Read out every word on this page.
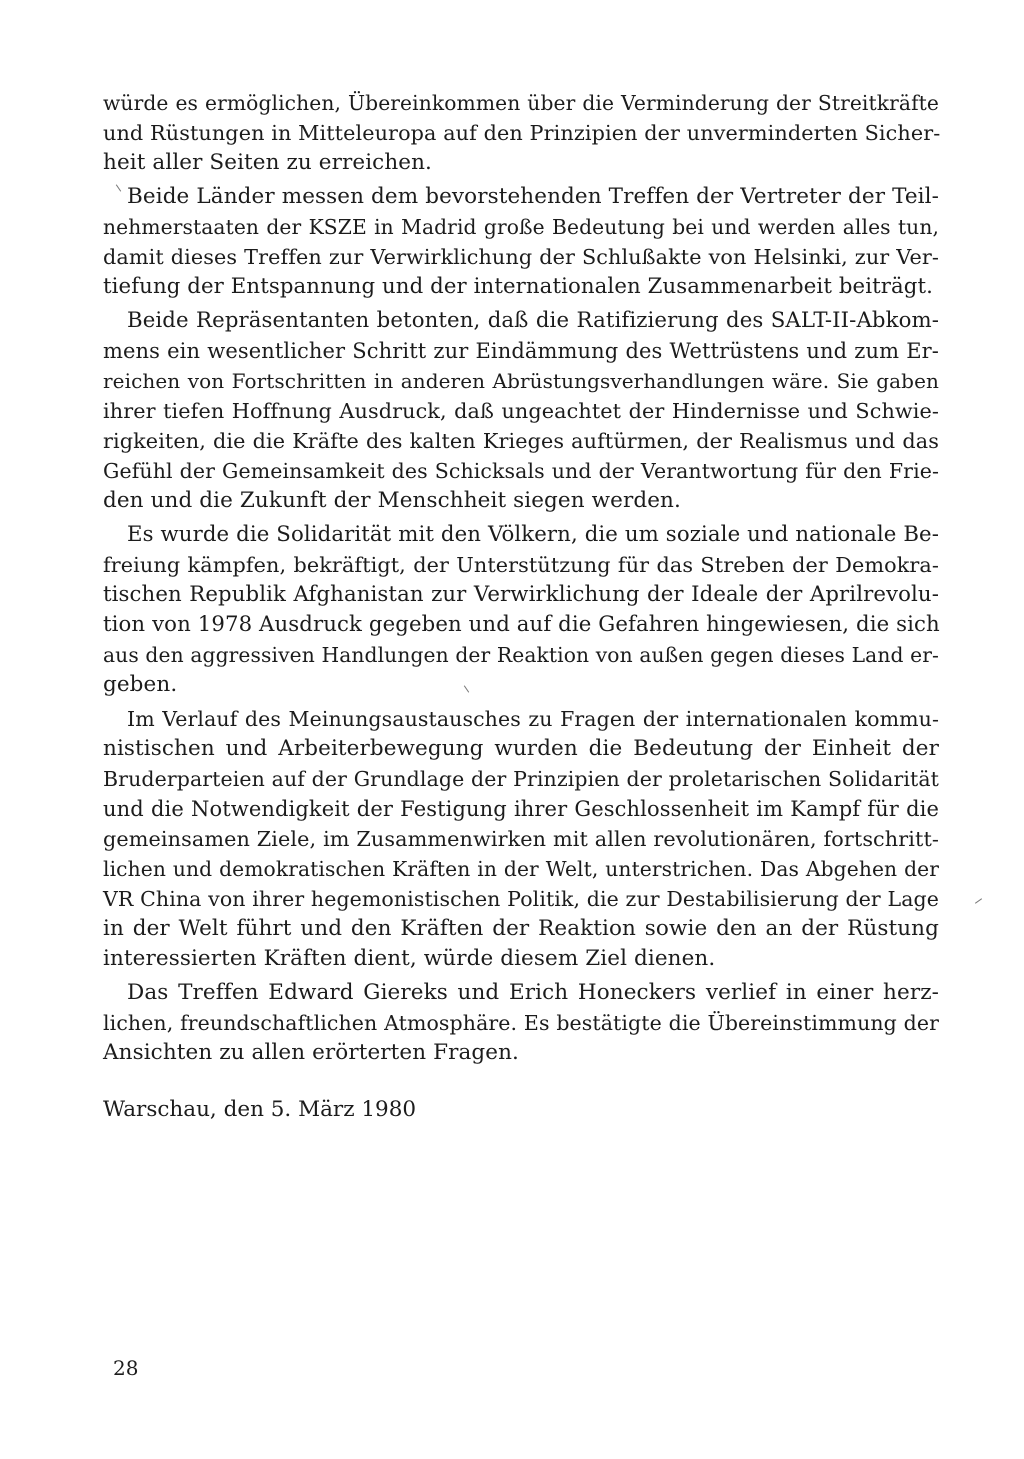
würde es ermöglichen, Übereinkommen über die Verminderung der Streitkräfte
und Rüstungen in Mitteleuropa auf den Prinzipien der unverminderten Sicher-
heit aller Seiten zu erreichen.
Beide Länder messen dem bevorstehenden Treffen der Vertreter der Teil-
nehmerstaaten der KSZE in Madrid große Bedeutung bei und werden alles tun,
damit dieses Treffen zur Verwirklichung der Schlußakte von Helsinki, zur Ver-
tiefung der Entspannung und der internationalen Zusammenarbeit beiträgt.
Beide Repräsentanten betonten, daß die Ratifizierung des SALT-II-Abkom-
mens ein wesentlicher Schritt zur Eindämmung des Wettrüstens und zum Er-
reichen von Fortschritten in anderen Abrüstungsverhandlungen wäre. Sie gaben
ihrer tiefen Hoffnung Ausdruck, daß ungeachtet der Hindernisse und Schwie-
rigkeiten, die die Kräfte des kalten Krieges auftürmen, der Realismus und das
Gefühl der Gemeinsamkeit des Schicksals und der Verantwortung für den Frie-
den und die Zukunft der Menschheit siegen werden.
Es wurde die Solidarität mit den Völkern, die um soziale und nationale Be-
freiung kämpfen, bekräftigt, der Unterstützung für das Streben der Demokra-
tischen Republik Afghanistan zur Verwirklichung der Ideale der Aprilrevolu-
tion von 1978 Ausdruck gegeben und auf die Gefahren hingewiesen, die sich
aus den aggressiven Handlungen der Reaktion von außen gegen dieses Land er-
geben.
Im Verlauf des Meinungsaustausches zu Fragen der internationalen kommu-
nistischen und Arbeiterbewegung wurden die Bedeutung der Einheit der
Bruderparteien auf der Grundlage der Prinzipien der proletarischen Solidarität
und die Notwendigkeit der Festigung ihrer Geschlossenheit im Kampf für die
gemeinsamen Ziele, im Zusammenwirken mit allen revolutionären, fortschritt-
lichen und demokratischen Kräften in der Welt, unterstrichen. Das Abgehen der
VR China von ihrer hegemonistischen Politik, die zur Destabilisierung der Lage
in der Welt führt und den Kräften der Reaktion sowie den an der Rüstung
interessierten Kräften dient, würde diesem Ziel dienen.
Das Treffen Edward Giereks und Erich Honeckers verlief in einer herz-
lichen, freundschaftlichen Atmosphäre. Es bestätigte die Übereinstimmung der
Ansichten zu allen erörterten Fragen.
Warschau, den 5. März 1980
28
